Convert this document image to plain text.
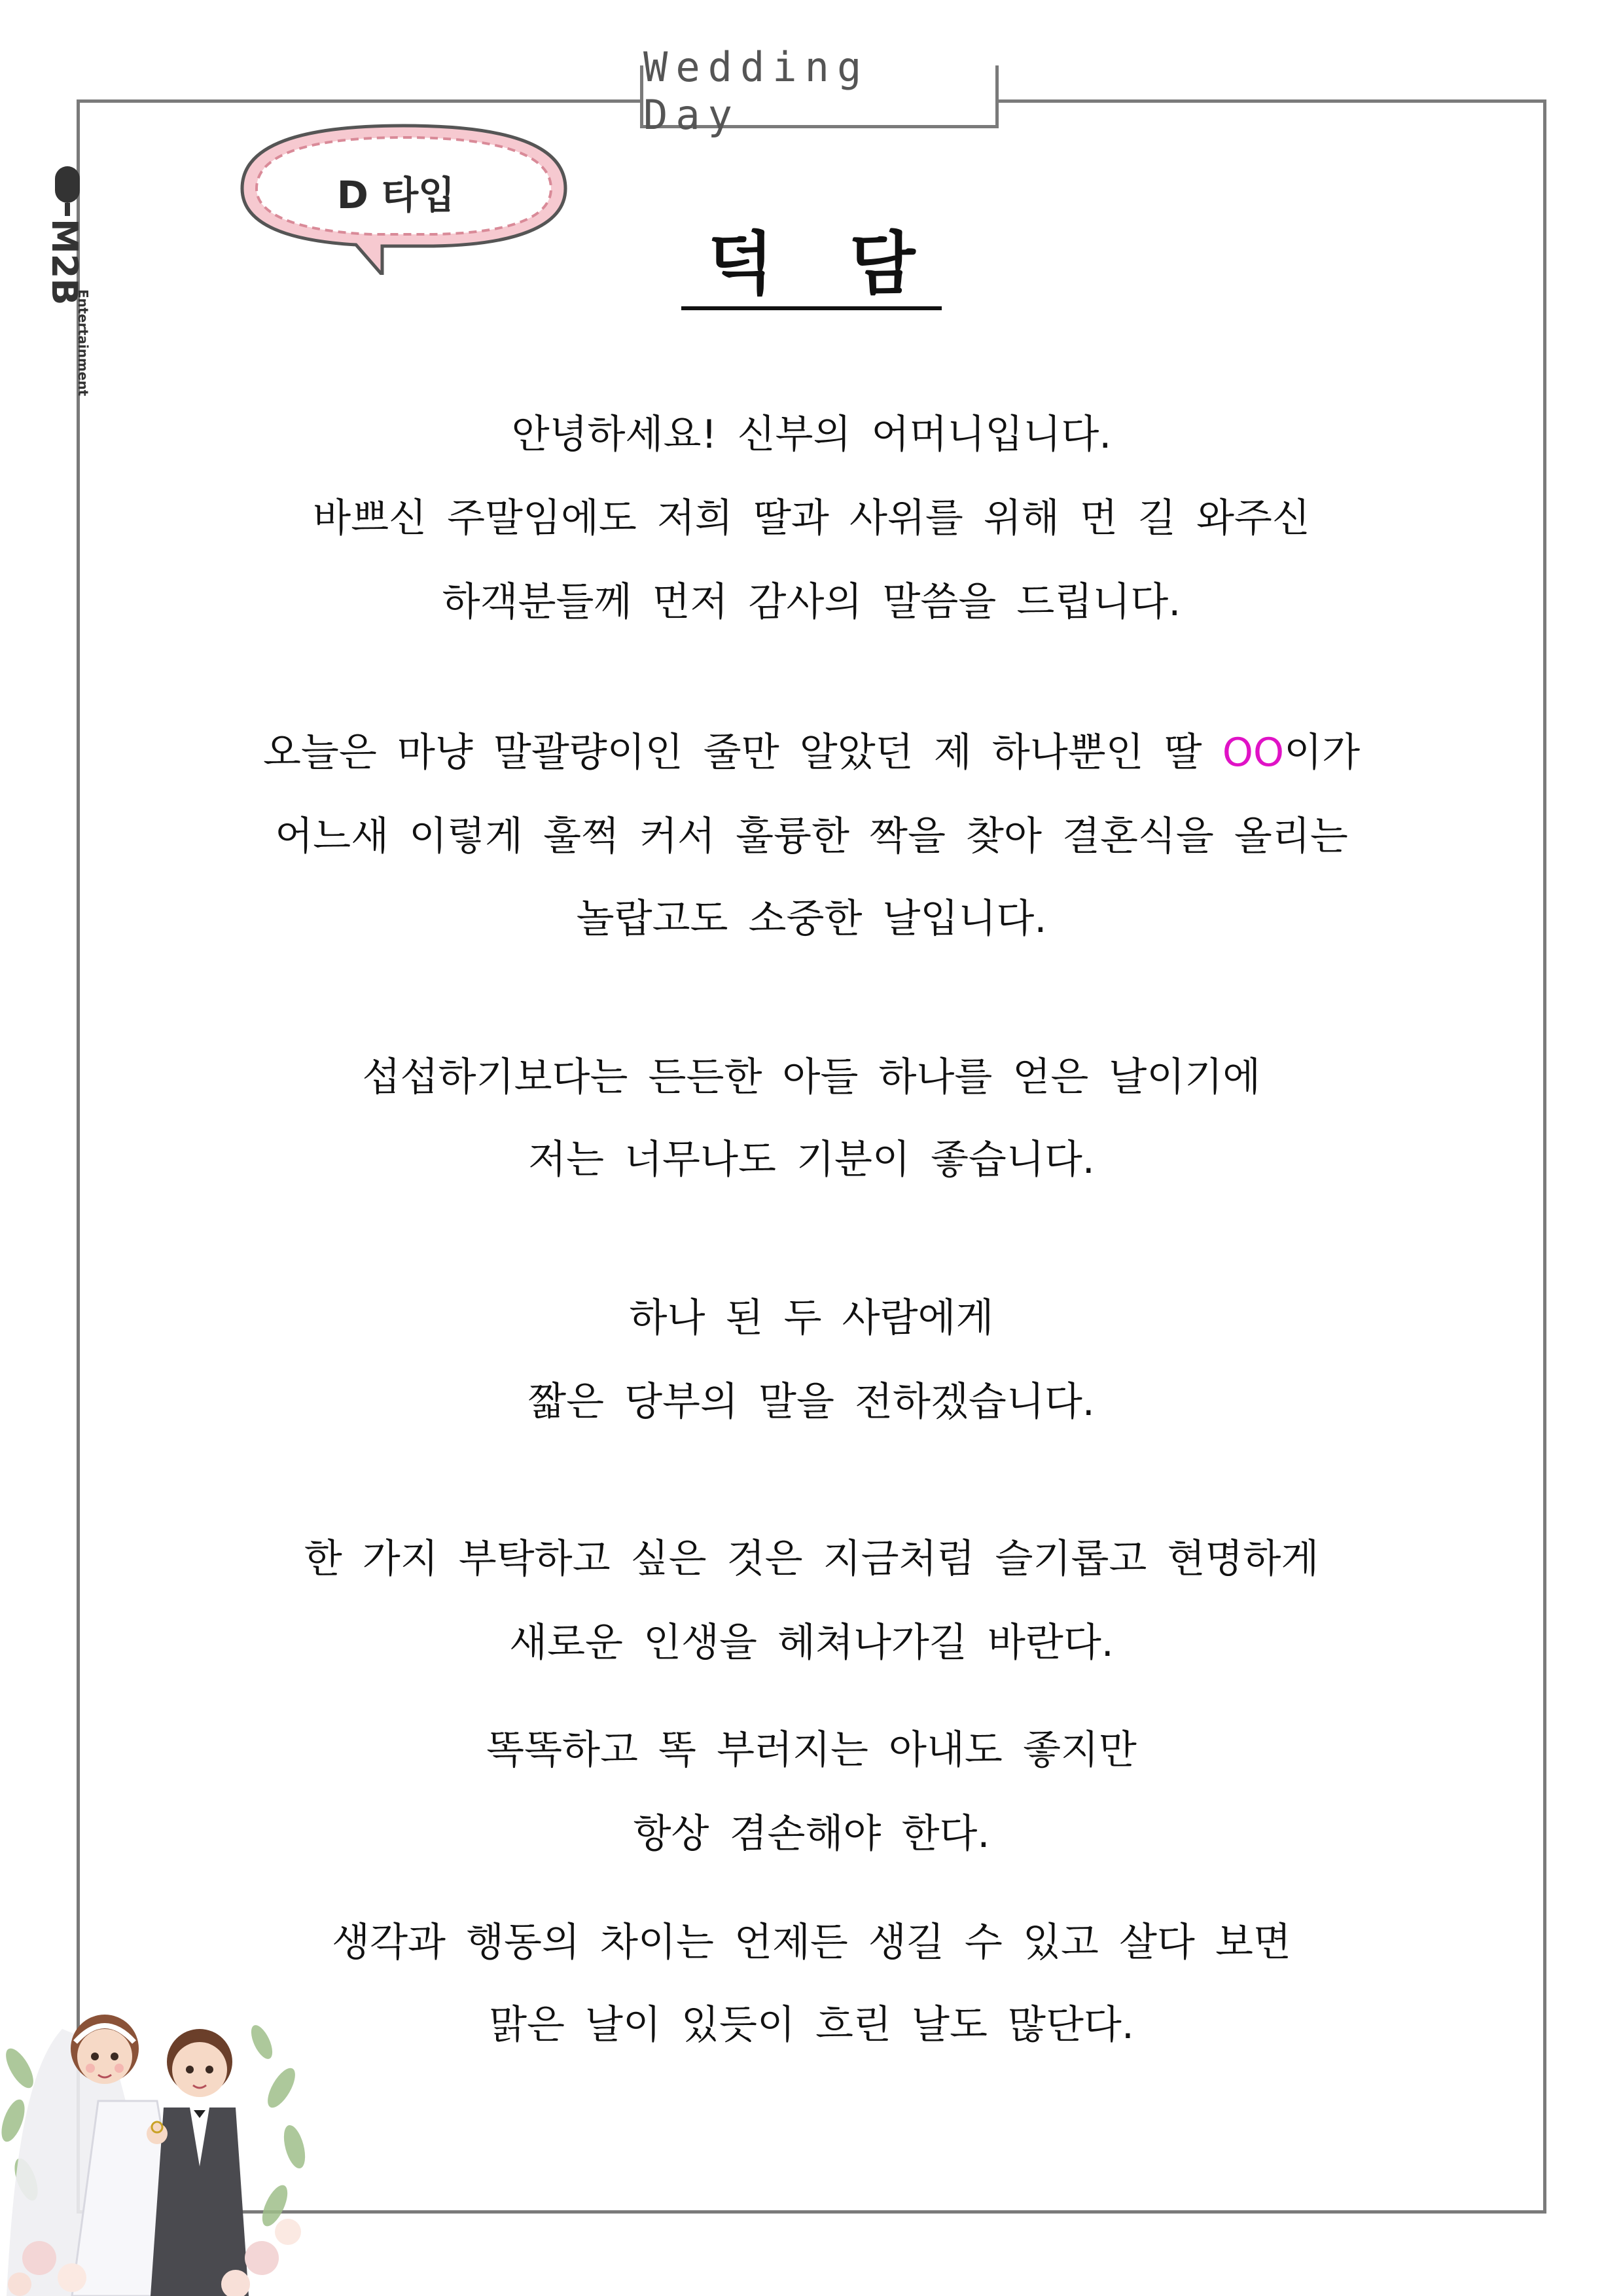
Wedding Day
M2B
Entertainment
D 타입
덕 담
안녕하세요! 신부의 어머니입니다.
바쁘신 주말임에도 저희 딸과 사위를 위해 먼 길 와주신
하객분들께 먼저 감사의 말씀을 드립니다.
오늘은 마냥 말괄량이인 줄만 알았던 제 하나뿐인 딸 OO이가
어느새 이렇게 훌쩍 커서 훌륭한 짝을 찾아 결혼식을 올리는
놀랍고도 소중한 날입니다.
섭섭하기보다는 든든한 아들 하나를 얻은 날이기에
저는 너무나도 기분이 좋습니다.
하나 된 두 사람에게
짧은 당부의 말을 전하겠습니다.
한 가지 부탁하고 싶은 것은 지금처럼 슬기롭고 현명하게
새로운 인생을 헤쳐나가길 바란다.
똑똑하고 똑 부러지는 아내도 좋지만
항상 겸손해야 한다.
생각과 행동의 차이는 언제든 생길 수 있고 살다 보면
맑은 날이 있듯이 흐린 날도 많단다.
